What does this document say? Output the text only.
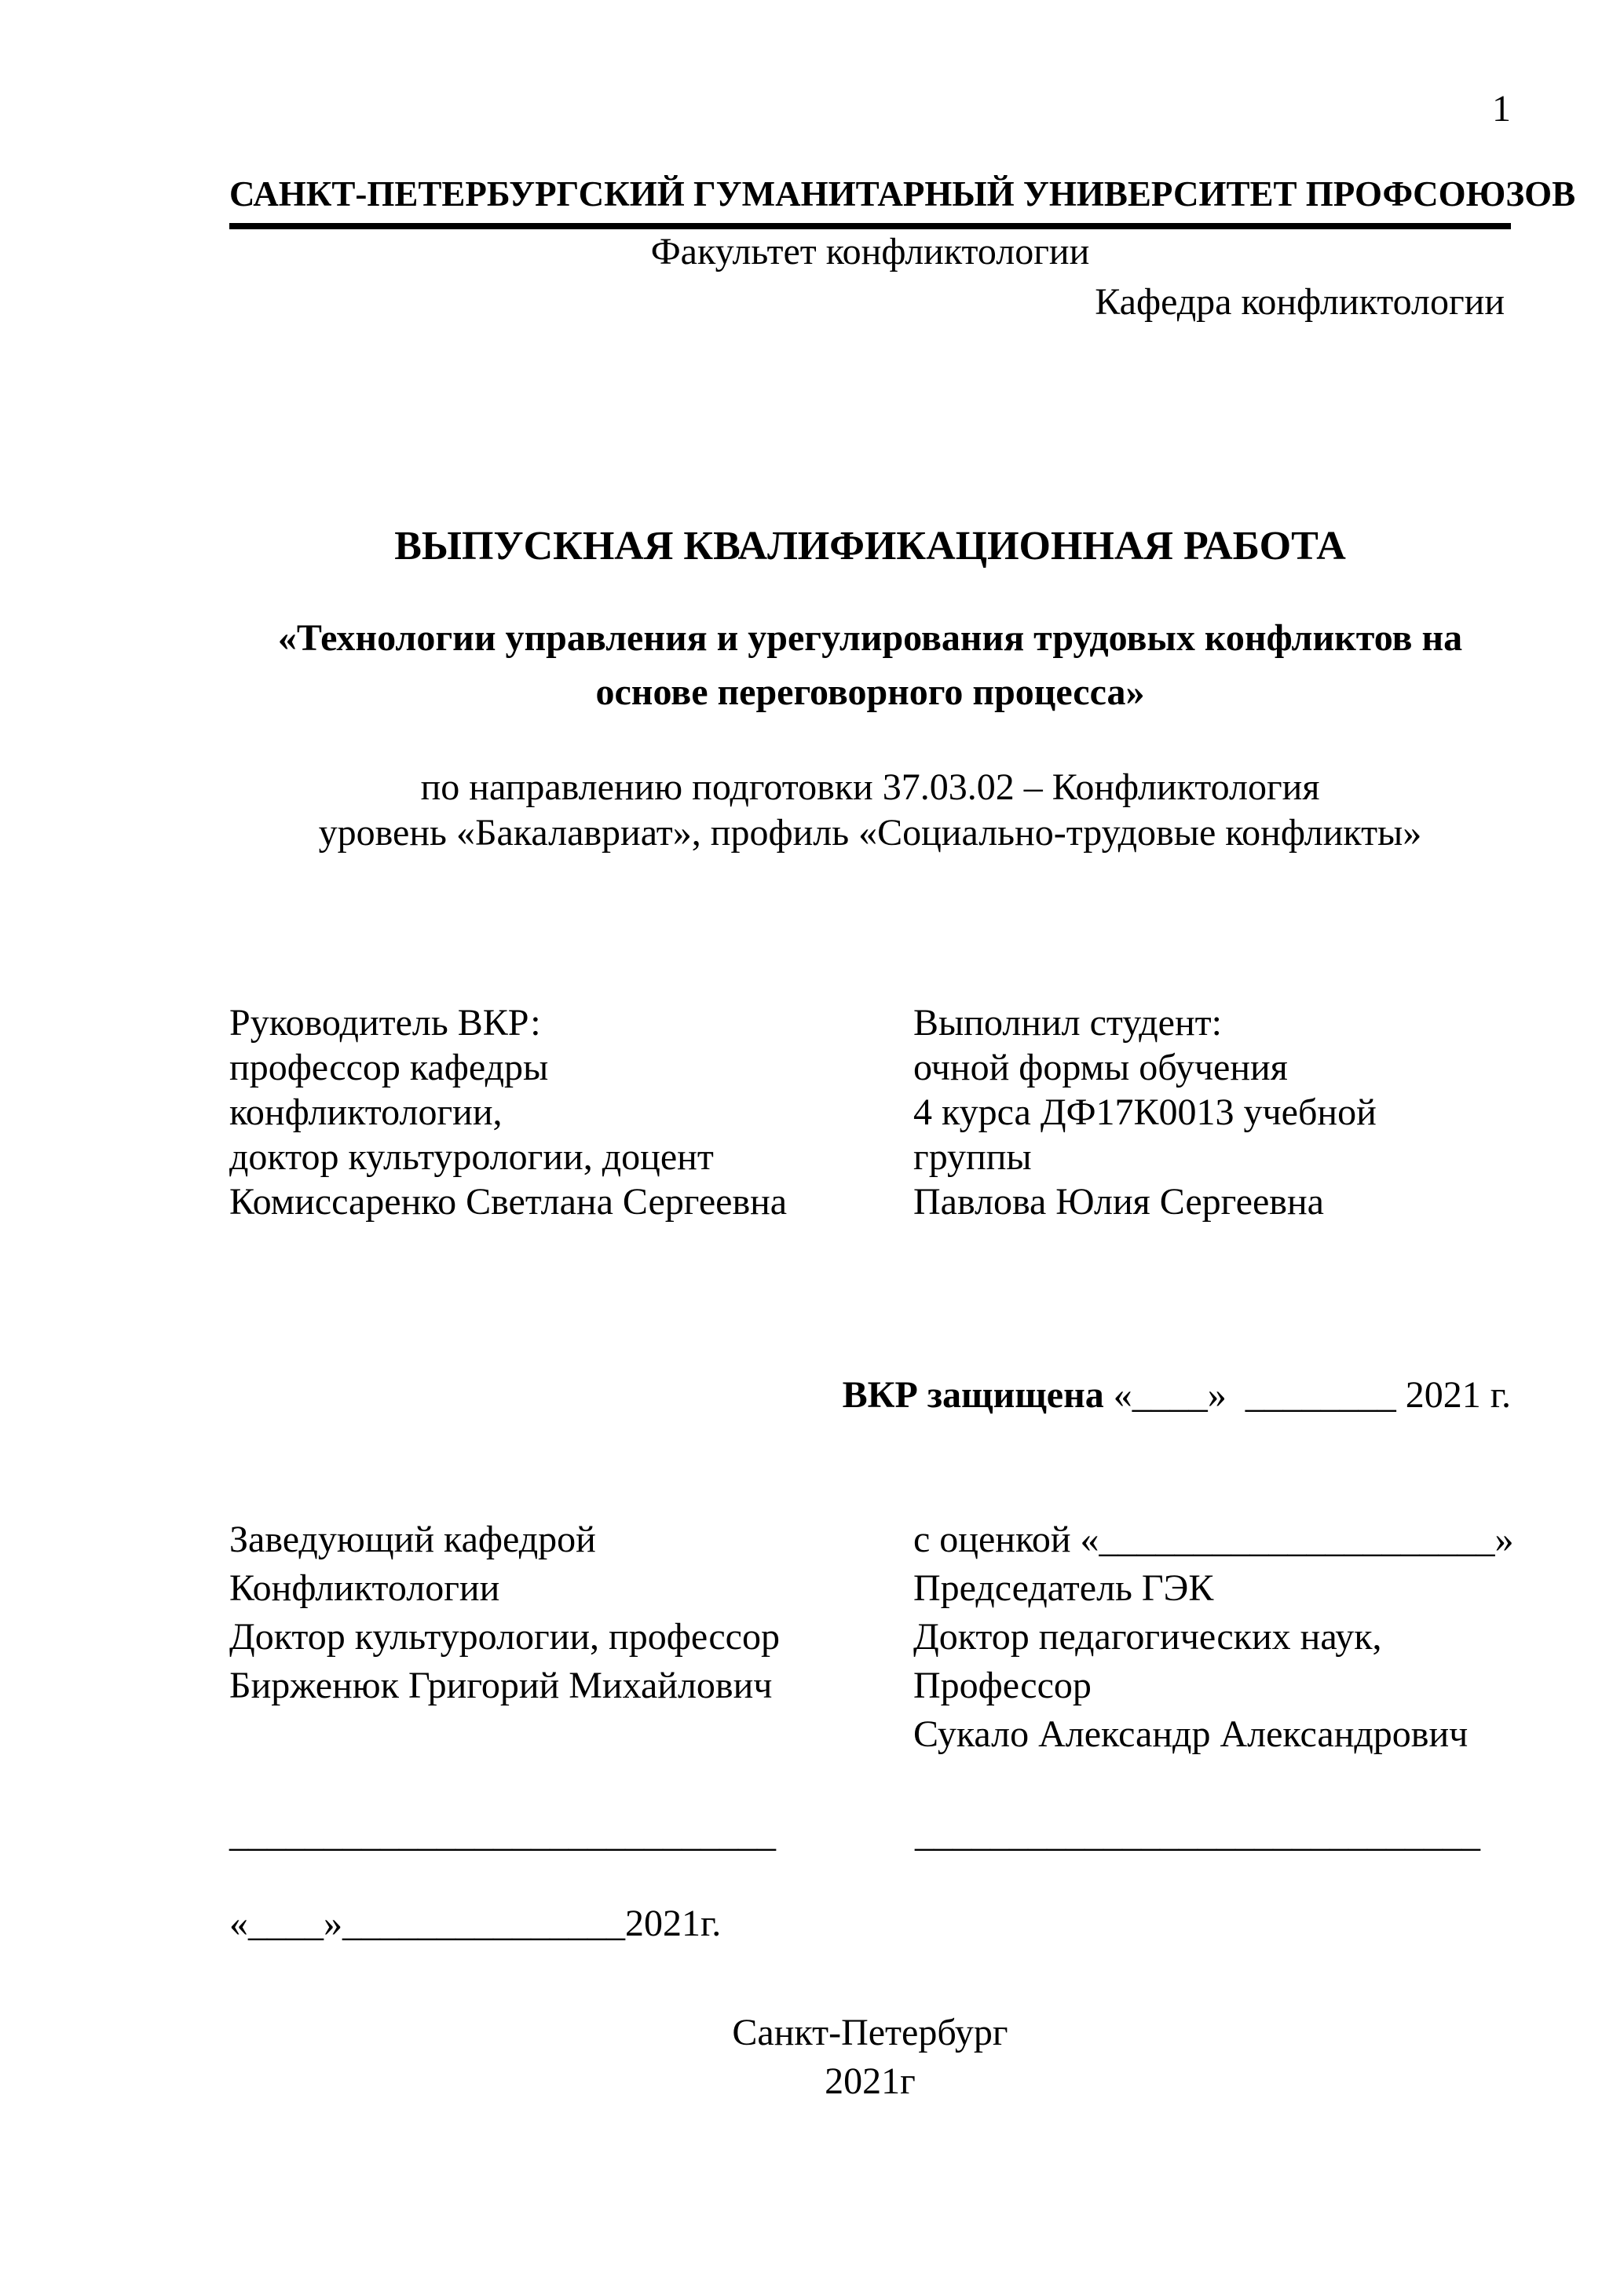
1
САНКТ-ПЕТЕРБУРГСКИЙ ГУМАНИТАРНЫЙ УНИВЕРСИТЕТ ПРОФСОЮЗОВ
Факультет конфликтологии
Кафедра конфликтологии
ВЫПУСКНАЯ КВАЛИФИКАЦИОННАЯ РАБОТА
«Технологии управления и урегулирования трудовых конфликтов на
основе переговорного процесса»
по направлению подготовки 37.03.02 – Конфликтология
уровень «Бакалавриат», профиль «Социально-трудовые конфликты»
Руководитель ВКР:
профессор кафедры
конфликтологии,
доктор культурологии, доцент
Комиссаренко Светлана Сергеевна
Выполнил студент:
очной формы обучения
4 курса ДФ17К0013 учебной
группы
Павлова Юлия Сергеевна
ВКР защищена «____»  ________ 2021 г.
Заведующий кафедрой
Конфликтологии
Доктор культурологии, профессор
Бирженюк Григорий Михайлович
с оценкой «_____________________»
Председатель ГЭК
Доктор педагогических наук,
Профессор
Сукало Александр Александрович
_____________________________	______________________________
«____»_______________2021г.
Санкт-Петербург
2021г
